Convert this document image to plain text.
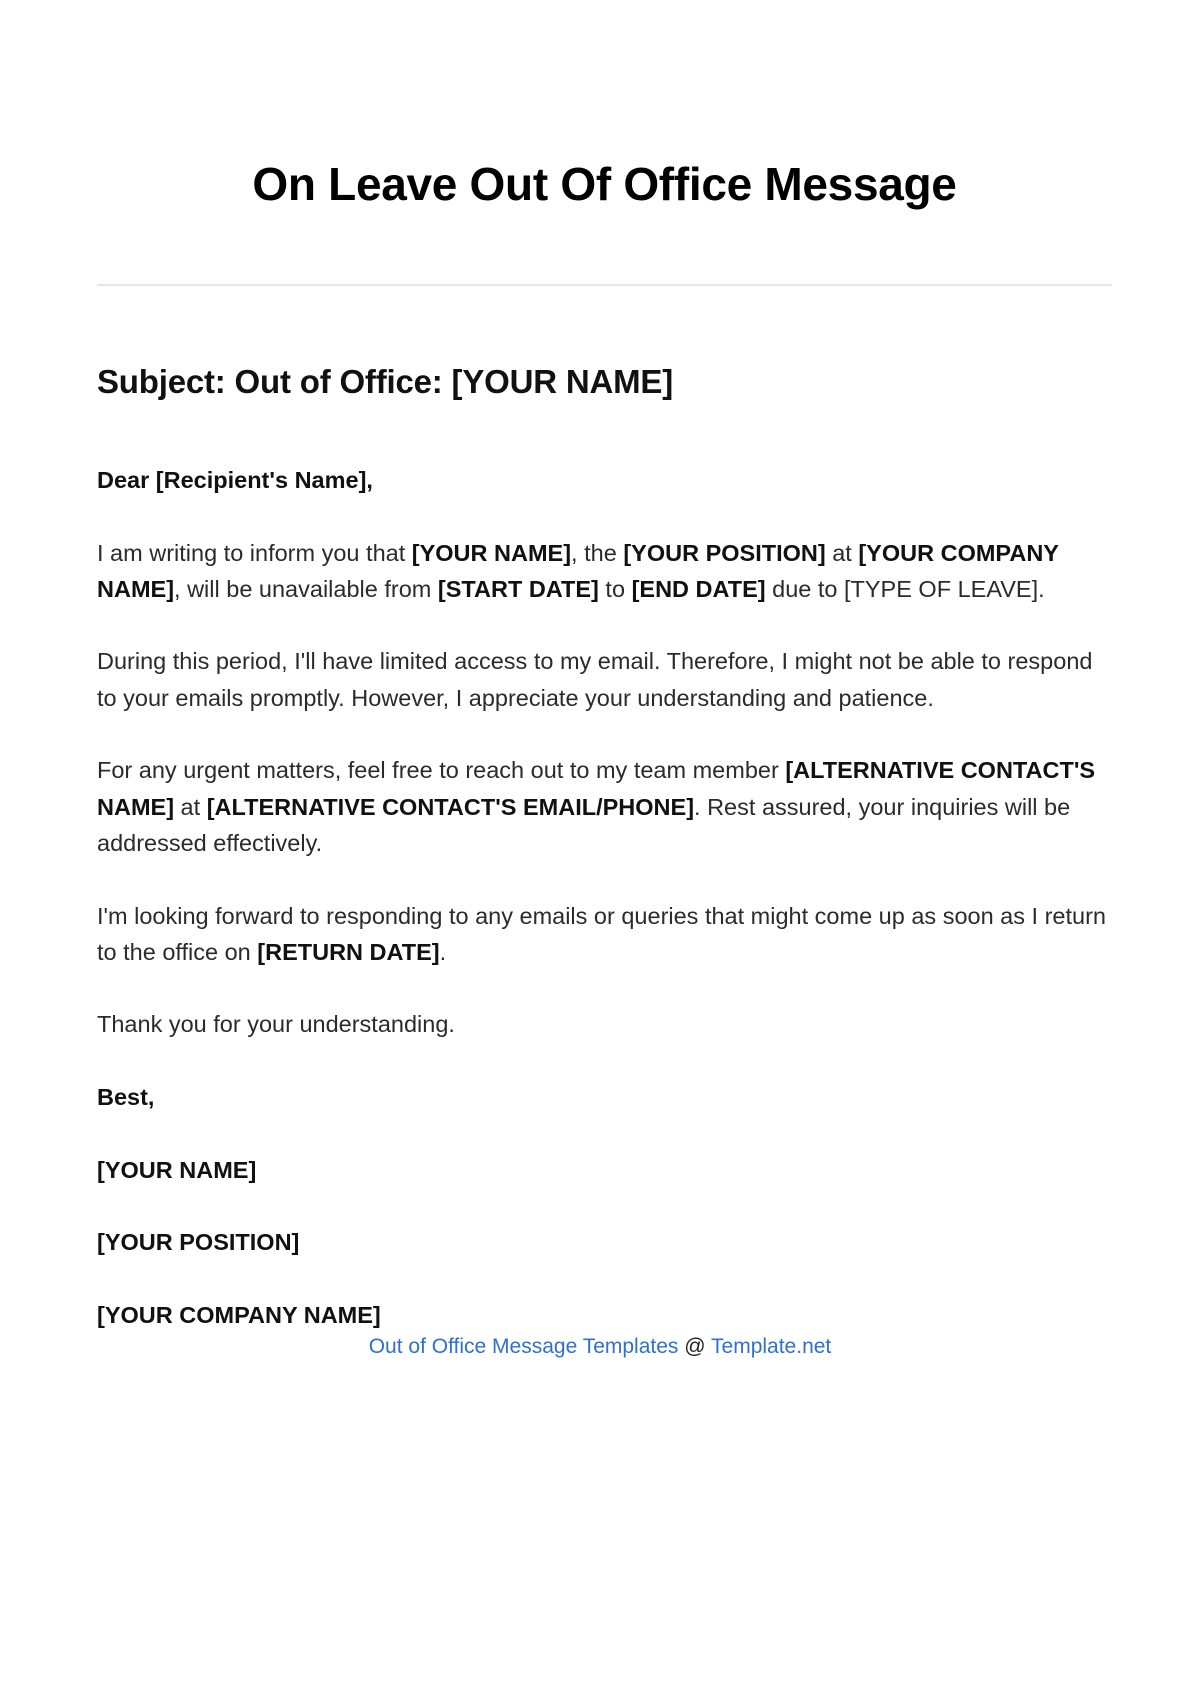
On Leave Out Of Office Message
Subject: Out of Office: [YOUR NAME]

Dear [Recipient's Name],

I am writing to inform you that [YOUR NAME], the [YOUR POSITION] at [YOUR COMPANY NAME], will be unavailable from [START DATE] to [END DATE] due to [TYPE OF LEAVE].

During this period, I'll have limited access to my email. Therefore, I might not be able to respond to your emails promptly. However, I appreciate your understanding and patience.

For any urgent matters, feel free to reach out to my team member [ALTERNATIVE CONTACT'S NAME] at [ALTERNATIVE CONTACT'S EMAIL/PHONE]. Rest assured, your inquiries will be addressed effectively.

I'm looking forward to responding to any emails or queries that might come up as soon as I return to the office on [RETURN DATE].

Thank you for your understanding.

Best,

[YOUR NAME]

[YOUR POSITION]

[YOUR COMPANY NAME]

Out of Office Message Templates @ Template.net
